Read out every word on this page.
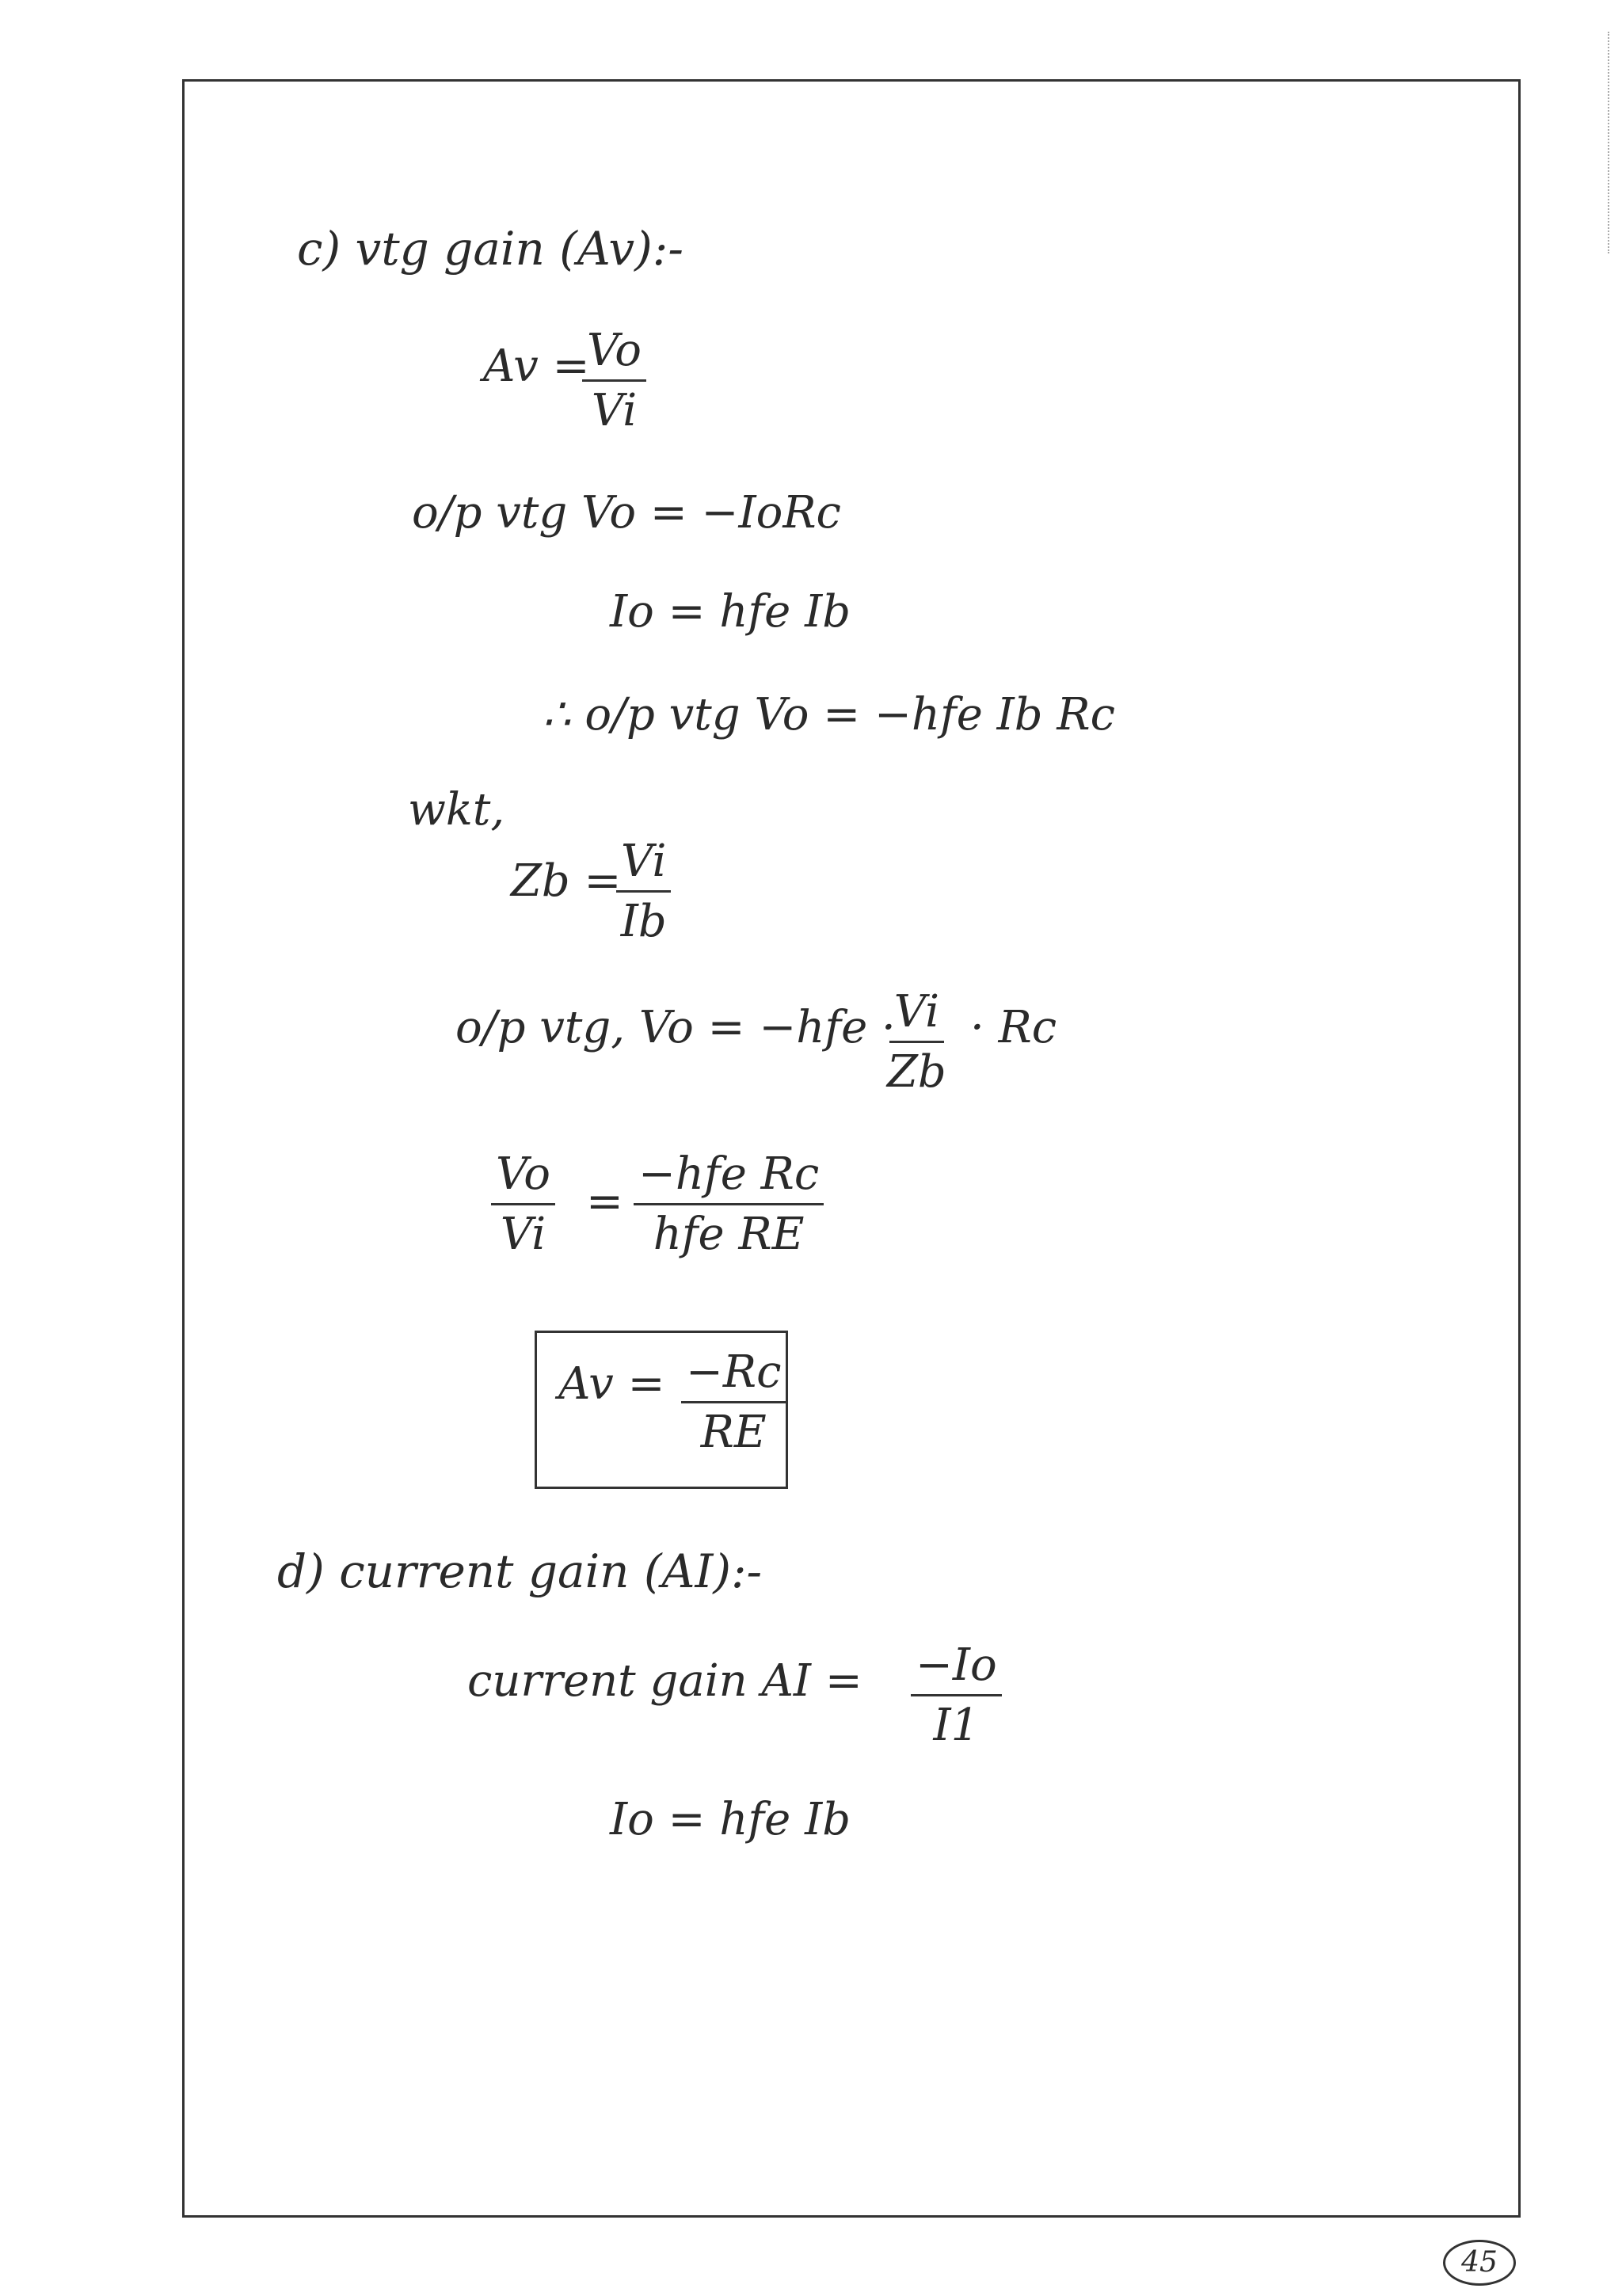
c) vtg gain (Av):-
Av =
$\frac{Vo}{Vi}$
o/p vtg Vo = −IoRc
Io = hfe Ib
∴ o/p vtg Vo = −hfe Ib Rc
wkt,
Zb =
$\frac{Vi}{Ib}$
o/p vtg, Vo = −hfe ·
$\frac{Vi}{Zb} \cdot Rc$
$\frac{Vo}{Vi}$ =
−hfe Rc
hfe RE
$Av = \frac{-Rc}{RE}$
d) current gain (AI):-
current gain AI = $\frac{-Io}{I1}$
Io = hfe Ib
45
